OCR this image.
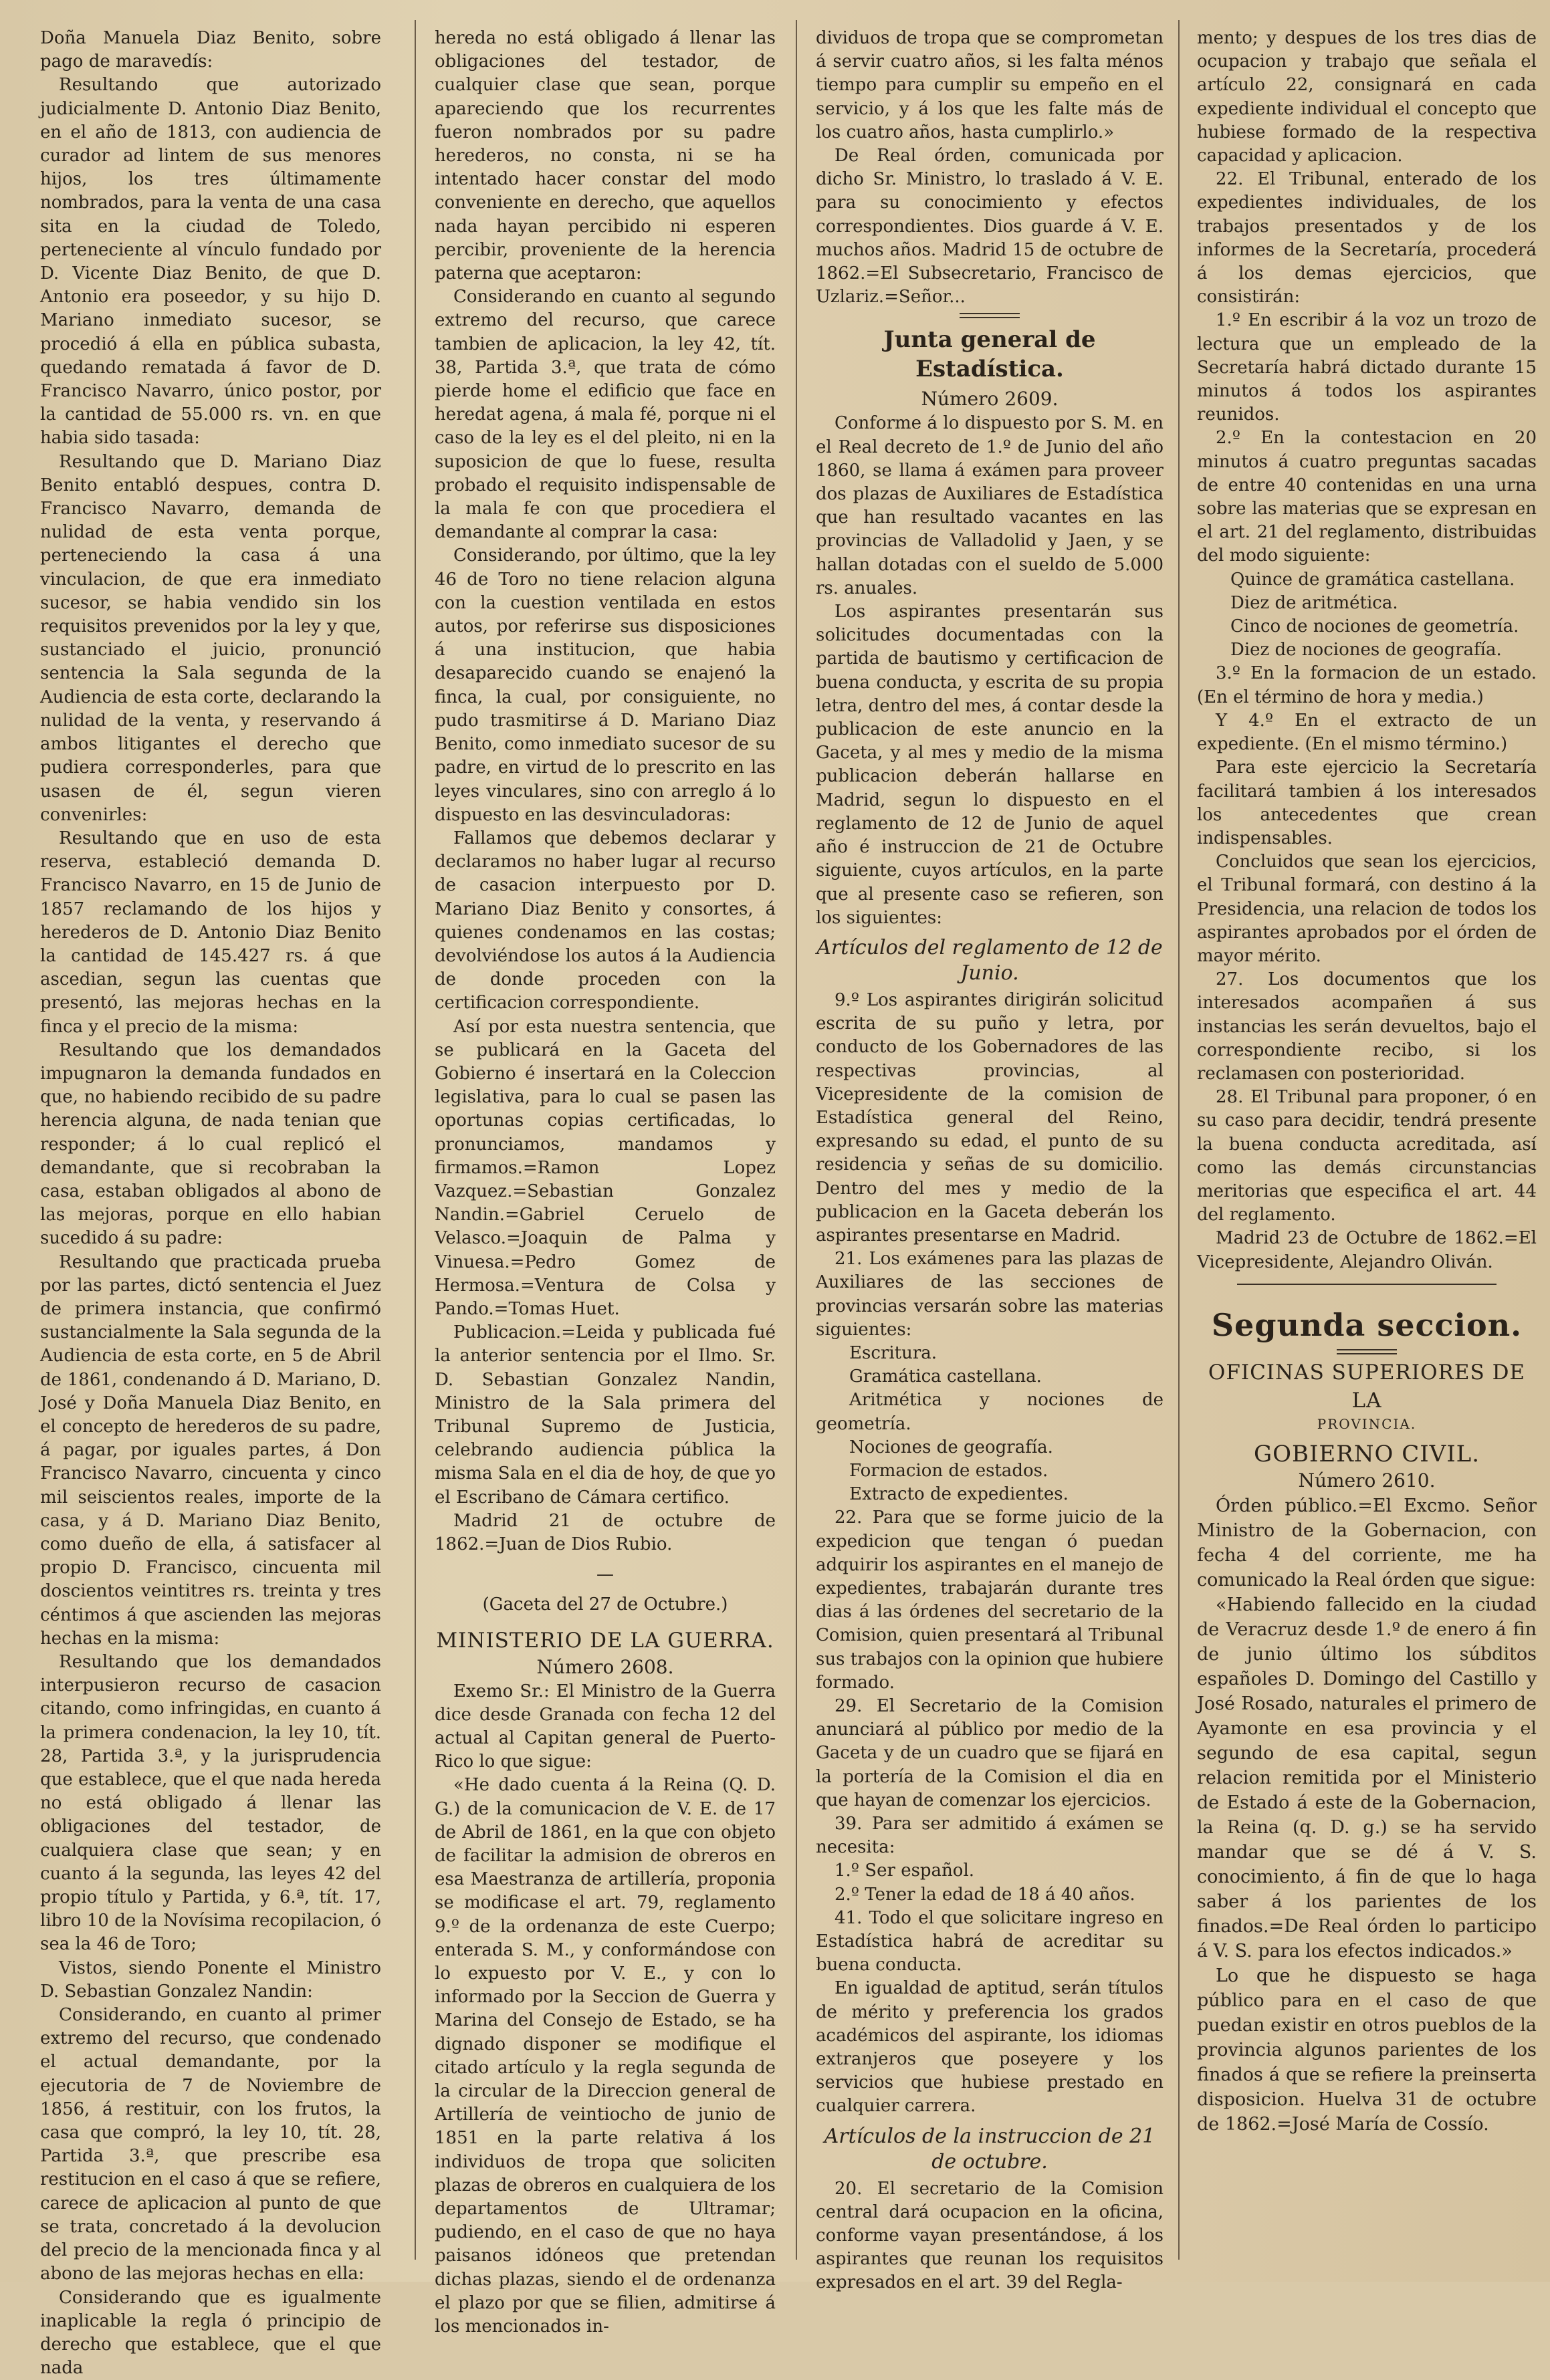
Doña Manuela Diaz Benito, sobre pago de maravedís:

Resultando que autorizado judicialmente D. Antonio Diaz Benito, en el año de 1813, con audiencia de curador ad lintem de sus menores hijos, los tres últimamente nombrados, para la venta de una casa sita en la ciudad de Toledo, perteneciente al vínculo fundado por D. Vicente Diaz Benito, de que D. Antonio era poseedor, y su hijo D. Mariano inmediato sucesor, se procedió á ella en pública subasta, quedando rematada á favor de D. Francisco Navarro, único postor, por la cantidad de 55.000 rs. vn. en que habia sido tasada:

Resultando que D. Mariano Diaz Benito entabló despues, contra D. Francisco Navarro, demanda de nulidad de esta venta porque, perteneciendo la casa á una vinculacion, de que era inmediato sucesor, se habia vendido sin los requisitos prevenidos por la ley y que, sustanciado el juicio, pronunció sentencia la Sala segunda de la Audiencia de esta corte, declarando la nulidad de la venta, y reservando á ambos litigantes el derecho que pudiera corresponderles, para que usasen de él, segun vieren convenirles:

Resultando que en uso de esta reserva, estableció demanda D. Francisco Navarro, en 15 de Junio de 1857 reclamando de los hijos y herederos de D. Antonio Diaz Benito la cantidad de 145.427 rs. á que ascedian, segun las cuentas que presentó, las mejoras hechas en la finca y el precio de la misma:

Resultando que los demandados impugnaron la demanda fundados en que, no habiendo recibido de su padre herencia alguna, de nada tenian que responder; á lo cual replicó el demandante, que si recobraban la casa, estaban obligados al abono de las mejoras, porque en ello habian sucedido á su padre:

Resultando que practicada prueba por las partes, dictó sentencia el Juez de primera instancia, que confirmó sustancialmente la Sala segunda de la Audiencia de esta corte, en 5 de Abril de 1861, condenando á D. Mariano, D. José y Doña Manuela Diaz Benito, en el concepto de herederos de su padre, á pagar, por iguales partes, á Don Francisco Navarro, cincuenta y cinco mil seiscientos reales, importe de la casa, y á D. Mariano Diaz Benito, como dueño de ella, á satisfacer al propio D. Francisco, cincuenta mil doscientos veintitres rs. treinta y tres céntimos á que ascienden las mejoras hechas en la misma:

Resultando que los demandados interpusieron recurso de casacion citando, como infringidas, en cuanto á la primera condenacion, la ley 10, tít. 28, Partida 3.ª, y la jurisprudencia que establece, que el que nada hereda no está obligado á llenar las obligaciones del testador, de cualquiera clase que sean; y en cuanto á la segunda, las leyes 42 del propio título y Partida, y 6.ª, tít. 17, libro 10 de la Novísima recopilacion, ó sea la 46 de Toro;

Vistos, siendo Ponente el Ministro D. Sebastian Gonzalez Nandin:

Considerando, en cuanto al primer extremo del recurso, que condenado el actual demandante, por la ejecutoria de 7 de Noviembre de 1856, á restituir, con los frutos, la casa que compró, la ley 10, tít. 28, Partida 3.ª, que prescribe esa restitucion en el caso á que se refiere, carece de aplicacion al punto de que se trata, concretado á la devolucion del precio de la mencionada finca y al abono de las mejoras hechas en ella:

Considerando que es igualmente inaplicable la regla ó principio de derecho que establece, que el que nada

hereda no está obligado á llenar las obligaciones del testador, de cualquier clase que sean, porque apareciendo que los recurrentes fueron nombrados por su padre herederos, no consta, ni se ha intentado hacer constar del modo conveniente en derecho, que aquellos nada hayan percibido ni esperen percibir, proveniente de la herencia paterna que aceptaron:

Considerando en cuanto al segundo extremo del recurso, que carece tambien de aplicacion, la ley 42, tít. 38, Partida 3.ª, que trata de cómo pierde home el edificio que face en heredat agena, á mala fé, porque ni el caso de la ley es el del pleito, ni en la suposicion de que lo fuese, resulta probado el requisito indispensable de la mala fe con que procediera el demandante al comprar la casa:

Considerando, por último, que la ley 46 de Toro no tiene relacion alguna con la cuestion ventilada en estos autos, por referirse sus disposiciones á una institucion, que habia desaparecido cuando se enajenó la finca, la cual, por consiguiente, no pudo trasmitirse á D. Mariano Diaz Benito, como inmediato sucesor de su padre, en virtud de lo prescrito en las leyes vinculares, sino con arreglo á lo dispuesto en las desvinculadoras:

Fallamos que debemos declarar y declaramos no haber lugar al recurso de casacion interpuesto por D. Mariano Diaz Benito y consortes, á quienes condenamos en las costas; devolviéndose los autos á la Audiencia de donde proceden con la certificacion correspondiente.

Así por esta nuestra sentencia, que se publicará en la Gaceta del Gobierno é insertará en la Coleccion legislativa, para lo cual se pasen las oportunas copias certificadas, lo pronunciamos, mandamos y firmamos.=Ramon Lopez Vazquez.=Sebastian Gonzalez Nandin.=Gabriel Ceruelo de Velasco.=Joaquin de Palma y Vinuesa.=Pedro Gomez de Hermosa.=Ventura de Colsa y Pando.=Tomas Huet.

Publicacion.=Leida y publicada fué la anterior sentencia por el Ilmo. Sr. D. Sebastian Gonzalez Nandin, Ministro de la Sala primera del Tribunal Supremo de Justicia, celebrando audiencia pública la misma Sala en el dia de hoy, de que yo el Escribano de Cámara certifico.

Madrid 21 de octubre de 1862.=Juan de Dios Rubio.

—

(Gaceta del 27 de Octubre.)

MINISTERIO DE LA GUERRA.
Número 2608.

Exemo Sr.: El Ministro de la Guerra dice desde Granada con fecha 12 del actual al Capitan general de Puerto-Rico lo que sigue:

«He dado cuenta á la Reina (Q. D. G.) de la comunicacion de V. E. de 17 de Abril de 1861, en la que con objeto de facilitar la admision de obreros en esa Maestranza de artillería, proponia se modificase el art. 79, reglamento 9.º de la ordenanza de este Cuerpo; enterada S. M., y conformándose con lo expuesto por V. E., y con lo informado por la Seccion de Guerra y Marina del Consejo de Estado, se ha dignado disponer se modifique el citado artículo y la regla segunda de la circular de la Direccion general de Artillería de veintiocho de junio de 1851 en la parte relativa á los individuos de tropa que soliciten plazas de obreros en cualquiera de los departamentos de Ultramar; pudiendo, en el caso de que no haya paisanos idóneos que pretendan dichas plazas, siendo el de ordenanza el plazo por que se filien, admitirse á los mencionados in-

dividuos de tropa que se comprometan á servir cuatro años, si les falta ménos tiempo para cumplir su empeño en el servicio, y á los que les falte más de los cuatro años, hasta cumplirlo.»

De Real órden, comunicada por dicho Sr. Ministro, lo traslado á V. E. para su conocimiento y efectos correspondientes. Dios guarde á V. E. muchos años. Madrid 15 de octubre de 1862.=El Subsecretario, Francisco de Uzlariz.=Señor...

Junta general de Estadística.
Número 2609.

Conforme á lo dispuesto por S. M. en el Real decreto de 1.º de Junio del año 1860, se llama á exámen para proveer dos plazas de Auxiliares de Estadística que han resultado vacantes en las provincias de Valladolid y Jaen, y se hallan dotadas con el sueldo de 5.000 rs. anuales.

Los aspirantes presentarán sus solicitudes documentadas con la partida de bautismo y certificacion de buena conducta, y escrita de su propia letra, dentro del mes, á contar desde la publicacion de este anuncio en la Gaceta, y al mes y medio de la misma publicacion deberán hallarse en Madrid, segun lo dispuesto en el reglamento de 12 de Junio de aquel año é instruccion de 21 de Octubre siguiente, cuyos artículos, en la parte que al presente caso se refieren, son los siguientes:

Artículos del reglamento de 12 de Junio.

9.º Los aspirantes dirigirán solicitud escrita de su puño y letra, por conducto de los Gobernadores de las respectivas provincias, al Vicepresidente de la comision de Estadística general del Reino, expresando su edad, el punto de su residencia y señas de su domicilio. Dentro del mes y medio de la publicacion en la Gaceta deberán los aspirantes presentarse en Madrid.

21. Los exámenes para las plazas de Auxiliares de las secciones de provincias versarán sobre las materias siguientes:

Escritura.

Gramática castellana.

Aritmética y nociones de geometría.

Nociones de geografía.

Formacion de estados.

Extracto de expedientes.

22. Para que se forme juicio de la expedicion que tengan ó puedan adquirir los aspirantes en el manejo de expedientes, trabajarán durante tres dias á las órdenes del secretario de la Comision, quien presentará al Tribunal sus trabajos con la opinion que hubiere formado.

29. El Secretario de la Comision anunciará al público por medio de la Gaceta y de un cuadro que se fijará en la portería de la Comision el dia en que hayan de comenzar los ejercicios.

39. Para ser admitido á exámen se necesita:

1.º Ser español.

2.º Tener la edad de 18 á 40 años.

41. Todo el que solicitare ingreso en Estadística habrá de acreditar su buena conducta.

En igualdad de aptitud, serán títulos de mérito y preferencia los grados académicos del aspirante, los idiomas extranjeros que poseyere y los servicios que hubiese prestado en cualquier carrera.

Artículos de la instruccion de 21 de octubre.

20. El secretario de la Comision central dará ocupacion en la oficina, conforme vayan presentándose, á los aspirantes que reunan los requisitos expresados en el art. 39 del Regla-

mento; y despues de los tres dias de ocupacion y trabajo que señala el artículo 22, consignará en cada expediente individual el concepto que hubiese formado de la respectiva capacidad y aplicacion.

22. El Tribunal, enterado de los expedientes individuales, de los trabajos presentados y de los informes de la Secretaría, procederá á los demas ejercicios, que consistirán:

1.º En escribir á la voz un trozo de lectura que un empleado de la Secretaría habrá dictado durante 15 minutos á todos los aspirantes reunidos.

2.º En la contestacion en 20 minutos á cuatro preguntas sacadas de entre 40 contenidas en una urna sobre las materias que se expresan en el art. 21 del reglamento, distribuidas del modo siguiente:

Quince de gramática castellana.

Diez de aritmética.

Cinco de nociones de geometría.

Diez de nociones de geografía.

3.º En la formacion de un estado. (En el término de hora y media.)

Y 4.º En el extracto de un expediente. (En el mismo término.)

Para este ejercicio la Secretaría facilitará tambien á los interesados los antecedentes que crean indispensables.

Concluidos que sean los ejercicios, el Tribunal formará, con destino á la Presidencia, una relacion de todos los aspirantes aprobados por el órden de mayor mérito.

27. Los documentos que los interesados acompañen á sus instancias les serán devueltos, bajo el correspondiente recibo, si los reclamasen con posterioridad.

28. El Tribunal para proponer, ó en su caso para decidir, tendrá presente la buena conducta acreditada, así como las demás circunstancias meritorias que especifica el art. 44 del reglamento.

Madrid 23 de Octubre de 1862.=El Vicepresidente, Alejandro Oliván.

Segunda seccion.
OFICINAS SUPERIORES DE LA
PROVINCIA.
GOBIERNO CIVIL.
Número 2610.

Órden público.=El Excmo. Señor Ministro de la Gobernacion, con fecha 4 del corriente, me ha comunicado la Real órden que sigue:

«Habiendo fallecido en la ciudad de Veracruz desde 1.º de enero á fin de junio último los súbditos españoles D. Domingo del Castillo y José Rosado, naturales el primero de Ayamonte en esa provincia y el segundo de esa capital, segun relacion remitida por el Ministerio de Estado á este de la Gobernacion, la Reina (q. D. g.) se ha servido mandar que se dé á V. S. conocimiento, á fin de que lo haga saber á los parientes de los finados.=De Real órden lo participo á V. S. para los efectos indicados.»

Lo que he dispuesto se haga público para en el caso de que puedan existir en otros pueblos de la provincia algunos parientes de los finados á que se refiere la preinserta disposicion. Huelva 31 de octubre de 1862.=José María de Cossío.
